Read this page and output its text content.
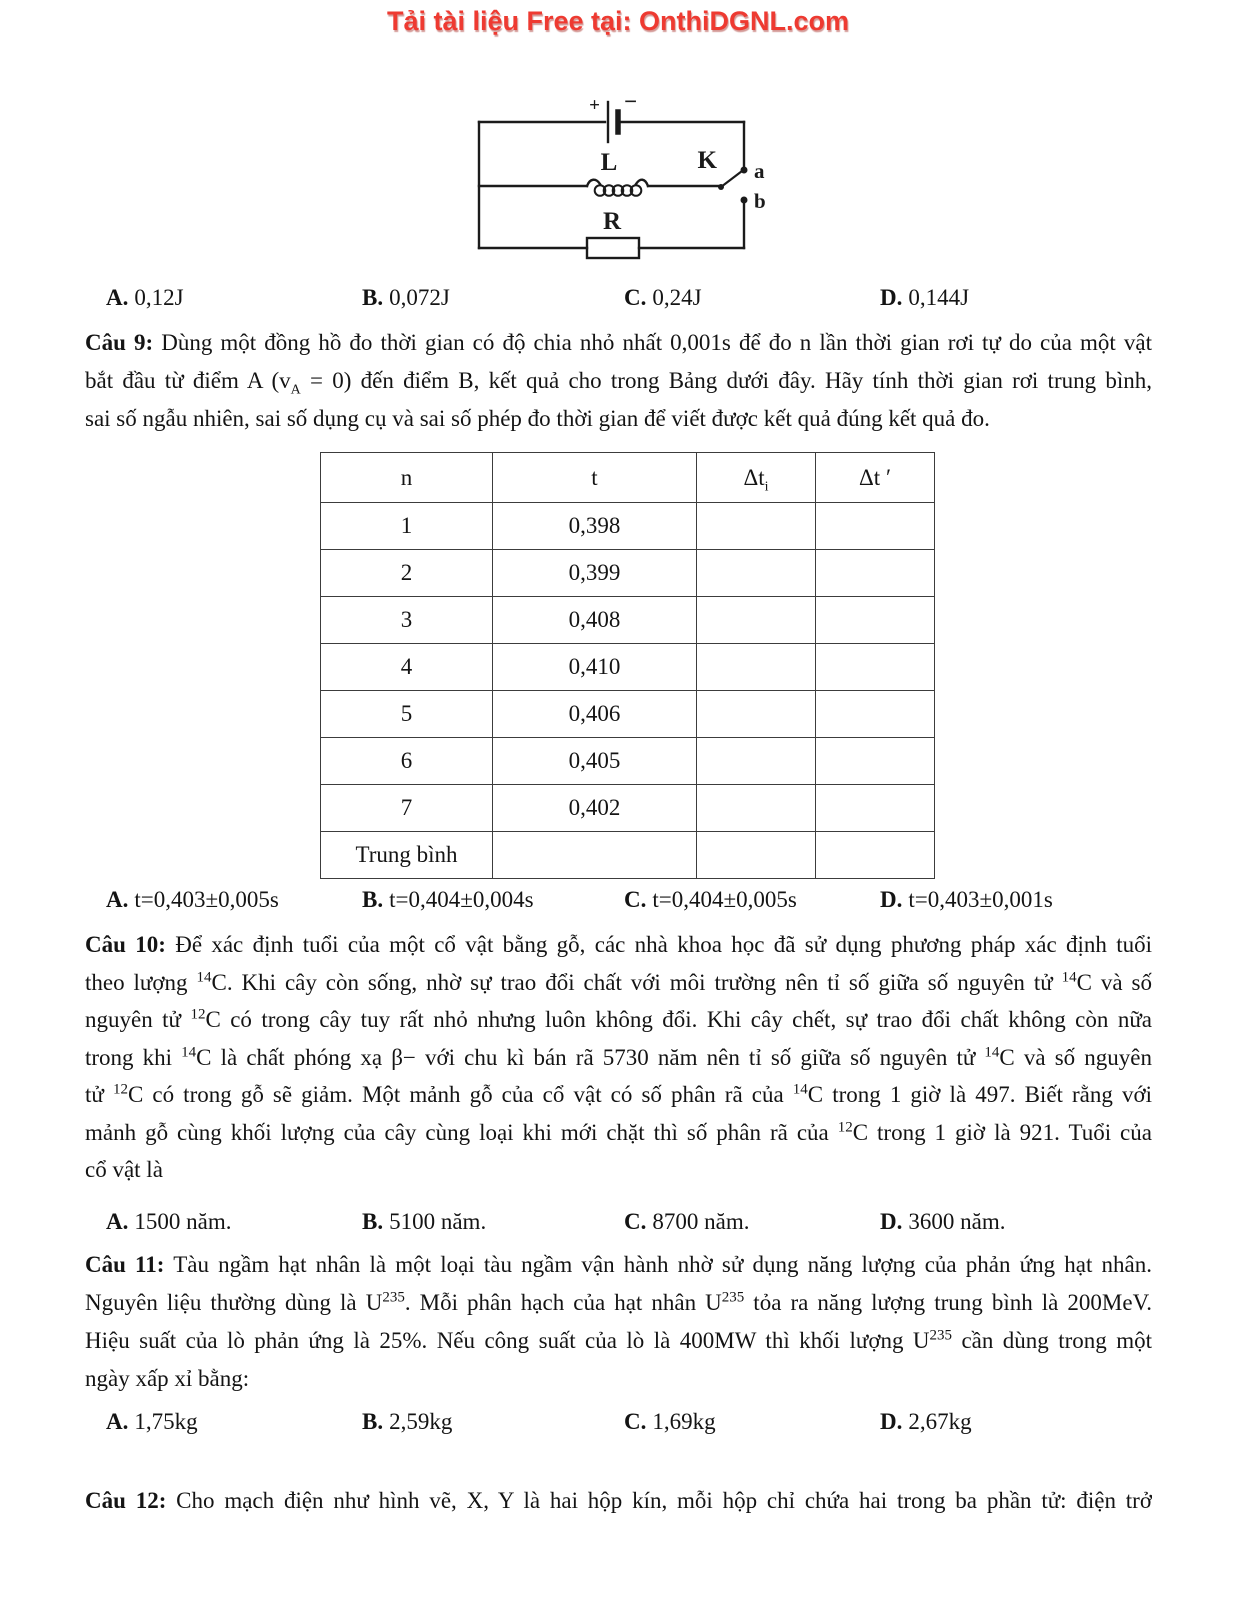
Tải tài liệu Free tại: OnthiDGNL.com
+ −
L	K a
b
R
A. 0,12J	B. 0,072J	C. 0,24J	D. 0,144J
Câu 9: Dùng một đồng hồ đo thời gian có độ chia nhỏ nhất 0,001s để đo n lần thời gian rơi tự do của một vật
bắt đầu từ điểm A $(v_A = 0)$ đến điểm B, kết quả cho trong Bảng dưới đây. Hãy tính thời gian rơi trung bình,
sai số ngẫu nhiên, sai số dụng cụ và sai số phép đo thời gian để viết được kết quả đúng kết quả đo.
n	t	$\Delta t_i$	Δt ′
1	0,398		
2	0,399		
3	0,408		
4	0,410		
5	0,406		
6	0,405		
7	0,402		
Trung bình			
A. t=0,403±0,005s	B. t=0,404±0,004s	C. t=0,404±0,005s	D. t=0,403±0,001s
Câu 10: Để xác định tuổi của một cổ vật bằng gỗ, các nhà khoa học đã sử dụng phương pháp xác định tuổi
theo lượng $^{14}$C. Khi cây còn sống, nhờ sự trao đổi chất với môi trường nên tỉ số giữa số nguyên tử $^{14}$C và số
nguyên tử $^{12}$C có trong cây tuy rất nhỏ nhưng luôn không đổi. Khi cây chết, sự trao đổi chất không còn nữa
trong khi $^{14}$C là chất phóng xạ β− với chu kì bán rã 5730 năm nên tỉ số giữa số nguyên tử $^{14}$C và số nguyên
tử $^{12}$C có trong gỗ sẽ giảm. Một mảnh gỗ của cổ vật có số phân rã của $^{14}$C trong 1 giờ là 497. Biết rằng với
mảnh gỗ cùng khối lượng của cây cùng loại khi mới chặt thì số phân rã của $^{12}$C trong 1 giờ là 921. Tuổi của
cổ vật là
A. 1500 năm.	B. 5100 năm.	C. 8700 năm.	D. 3600 năm.
Câu 11: Tàu ngầm hạt nhân là một loại tàu ngầm vận hành nhờ sử dụng năng lượng của phản ứng hạt nhân.
Nguyên liệu thường dùng là $U^{235}$. Mỗi phân hạch của hạt nhân $U^{235}$ tỏa ra năng lượng trung bình là 200MeV.
Hiệu suất của lò phản ứng là 25%. Nếu công suất của lò là 400MW thì khối lượng $U^{235}$ cần dùng trong một
ngày xấp xỉ bằng:
A. 1,75kg	B. 2,59kg	C. 1,69kg	D. 2,67kg
Câu 12: Cho mạch điện như hình vẽ, X, Y là hai hộp kín, mỗi hộp chỉ chứa hai trong ba phần tử: điện trở
